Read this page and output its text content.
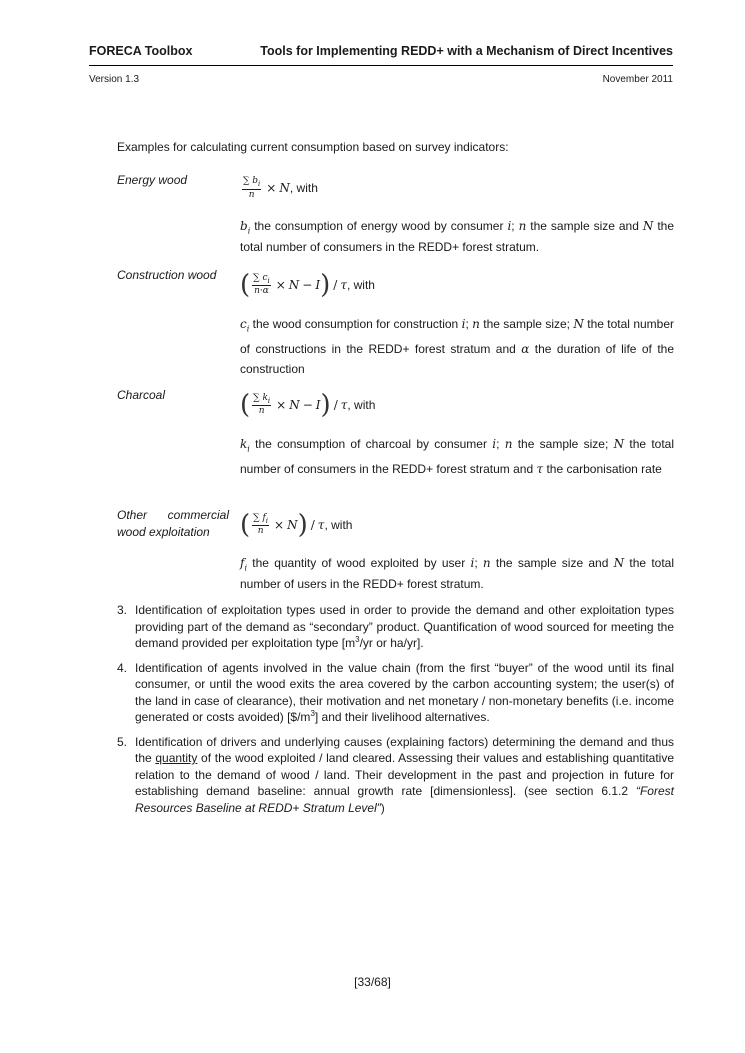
FORECA Toolbox	Tools for Implementing REDD+ with a Mechanism of Direct Incentives
Version 1.3	November 2011
Examples for calculating current consumption based on survey indicators:
Energy wood	$\frac{\sum b_i}{n} \times N$ , with
$b_i$ the consumption of energy wood by consumer i; n the sample size and N the total number of consumers in the REDD+ forest stratum.
Construction wood ( $\frac{\sum c_i}{n\cdot\alpha} \times N - I$ ) / τ , with
$c_i$ the wood consumption for construction i; n the sample size; N the total number of constructions in the REDD+ forest stratum and α the duration of life of the construction
Charcoal	( $\frac{\sum k_i}{n} \times N - I$ ) / τ , with
$k_i$ the consumption of charcoal by consumer i; n the sample size; N the total number of consumers in the REDD+ forest stratum and τ the carbonisation rate
Other commercial wood exploitation	( $\frac{\sum f_i}{n} \times N$ ) / τ , with
$f_i$ the quantity of wood exploited by user i; n the sample size and N the total number of users in the REDD+ forest stratum.
3. Identification of exploitation types used in order to provide the demand and other exploitation types providing part of the demand as “secondary” product. Quantification of wood sourced for meeting the demand provided per exploitation type [$m^3/yr$ or ha/yr].
4. Identification of agents involved in the value chain (from the first “buyer” of the wood until its final consumer, or until the wood exits the area covered by the carbon accounting system; the user(s) of the land in case of clearance), their motivation and net monetary / non-monetary benefits (i.e. income generated or costs avoided) $[\$/m^3]$ and their livelihood alternatives.
5. Identification of drivers and underlying causes (explaining factors) determining the demand and thus the quantity of the wood exploited / land cleared. Assessing their values and establishing quantitative relation to the demand of wood / land. Their development in the past and projection in future for establishing demand baseline: annual growth rate [dimensionless]. (see section 6.1.2 “Forest Resources Baseline at REDD+ Stratum Level”)
[33/68]
